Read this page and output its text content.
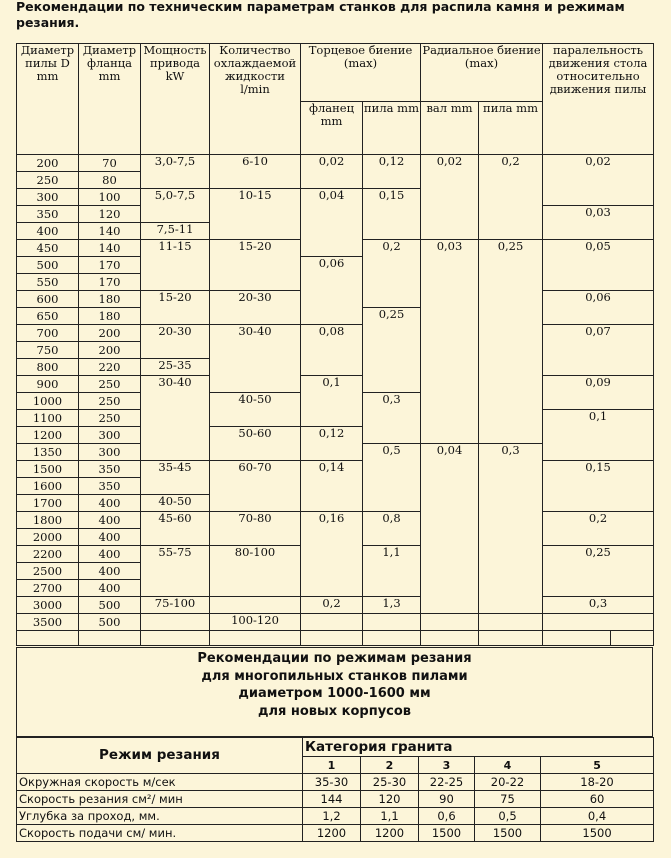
Рекомендации по техническим параметрам станков для распила камня и режимам резания.

Диаметр пилы D mm	Диаметр фланца mm	Мощность привода kW	Количество охлаждаемой жидкости l/min	Торцевое биение (max)		Радиальное биение (max)		паралельность движения стола относительно движения пилы	
				фланец mm	пила mm	вал mm	пила mm		
200	70	3,0-7,5	6-10	0,02	0,12	0,02	0,2	0,02	
250	80								
300	100	5,0-7,5	10-15	0,04	0,15				
350	120							0,03	
400	140	7,5-11							
450	140	11-15	15-20		0,2	0,03	0,25	0,05	
500	170			0,06					
550	170								
600	180	15-20	20-30					0,06	
650	180				0,25				
700	200	20-30	30-40	0,08				0,07	
750	200								
800	220	25-35							
900	250	30-40		0,1				0,09	
1000	250		40-50		0,3				
1100	250							0,1	
1200	300		50-60	0,12					
1350	300				0,5	0,04	0,3		
1500	350	35-45	60-70	0,14				0,15	
1600	350								
1700	400	40-50							
1800	400	45-60	70-80	0,16	0,8			0,2	
2000	400								
2200	400	55-75	80-100		1,1			0,25	
2500	400								
2700	400								
3000	500	75-100		0,2	1,3			0,3	
3500	500		100-120						

Рекомендации по режимам резания
для многопильных станков пилами
диаметром 1000-1600 мм
для новых корпусов
Режим резания	Категория гранита				
	1	2	3	4	5
Окружная скорость м/сек	35-30	25-30	22-25	20-22	18-20
Скорость резания см²/ мин	144	120	90	75	60
Углубка за проход, мм.	1,2	1,1	0,6	0,5	0,4
Скорость подачи см/ мин.	1200	1200	1500	1500	1500
